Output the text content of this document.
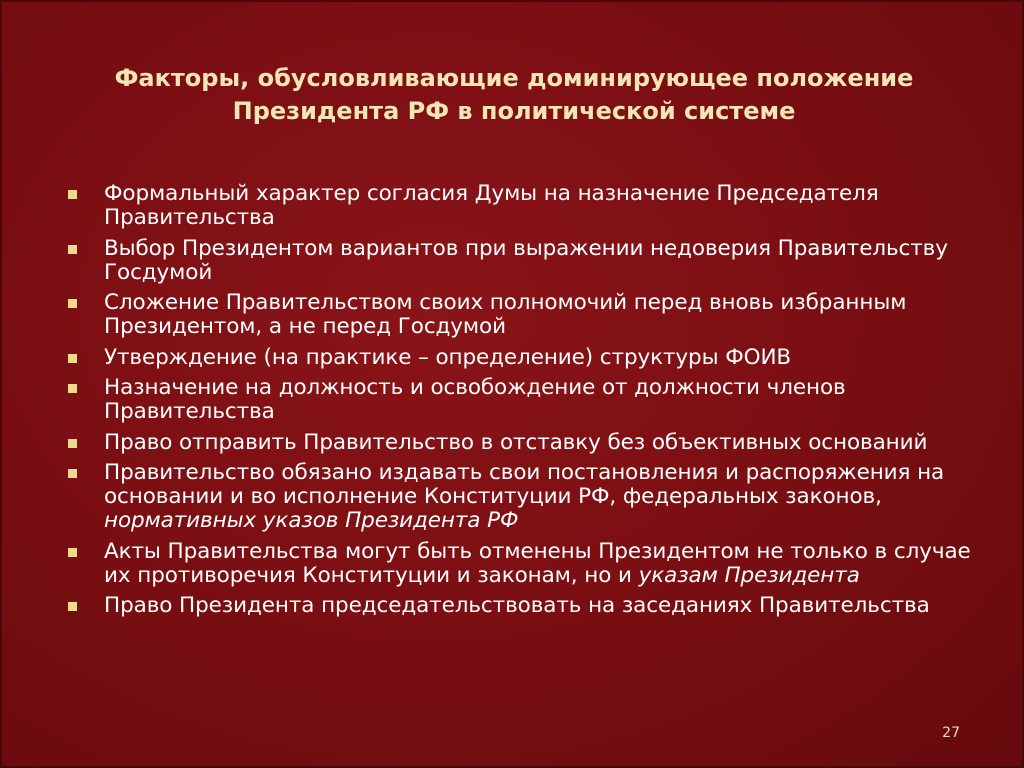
Факторы, обусловливающие доминирующее положение
Президента РФ в политической системе
Формальный характер согласия Думы на назначение Председателя Правительства
Выбор Президентом вариантов при выражении недоверия Правительству Госдумой
Сложение Правительством своих полномочий перед вновь избранным Президентом, а не перед Госдумой
Утверждение (на практике – определение) структуры ФОИВ
Назначение на должность и освобождение от должности членов Правительства
Право отправить Правительство в отставку без объективных оснований
Правительство обязано издавать свои постановления и распоряжения на основании и во исполнение Конституции РФ, федеральных законов, нормативных указов Президента РФ
Акты Правительства могут быть отменены Президентом не только в случае их противоречия Конституции и законам, но и указам Президента
Право Президента председательствовать на заседаниях Правительства
27
